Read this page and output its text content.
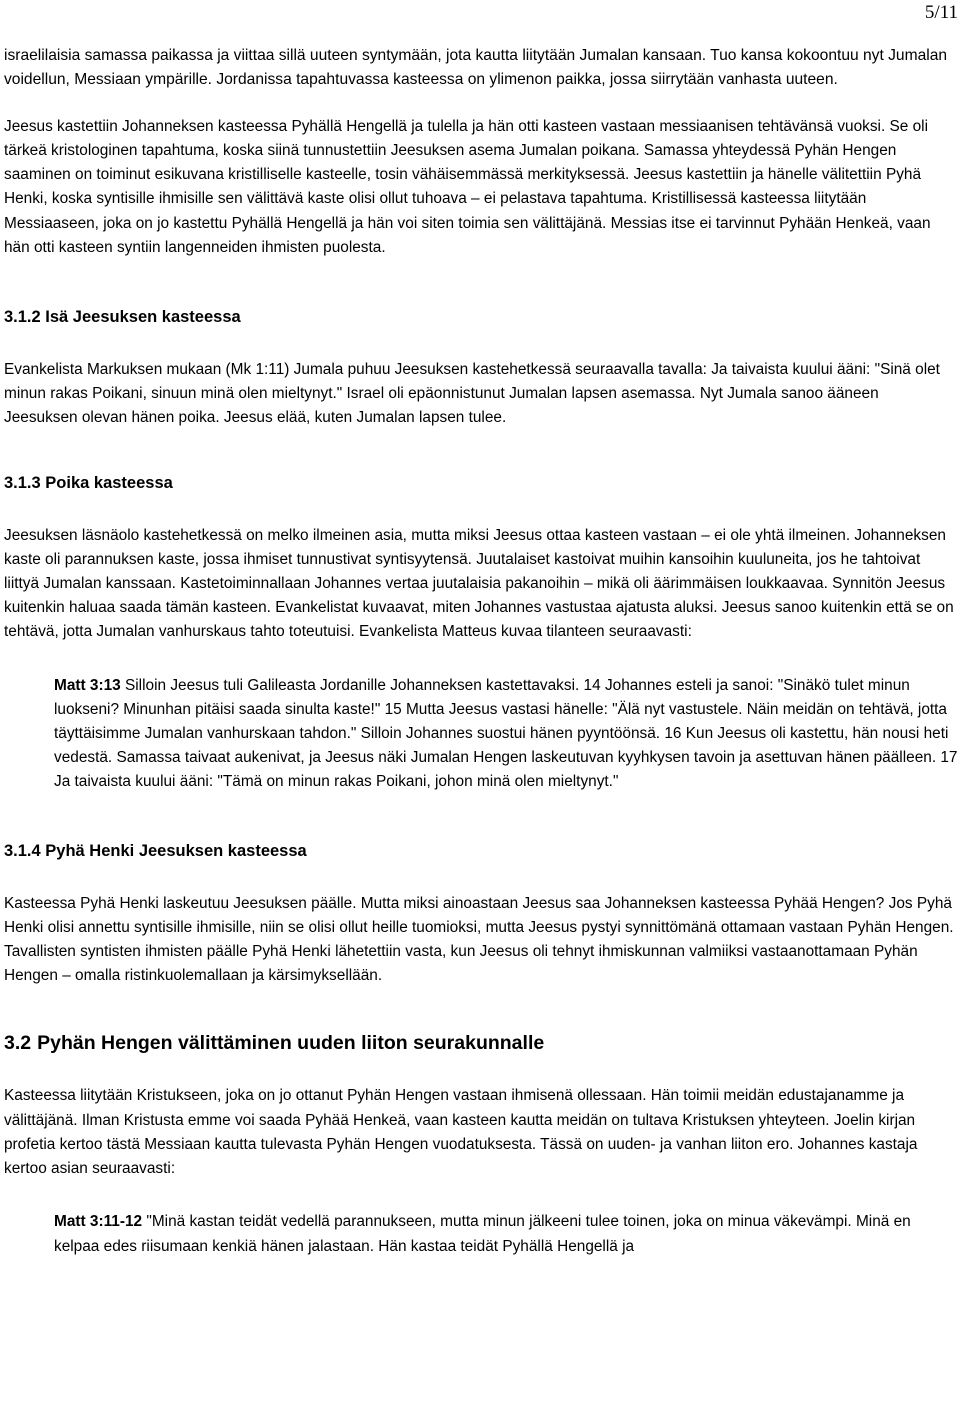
5/11

israelilaisia samassa paikassa ja viittaa sillä uuteen syntymään, jota kautta liitytään Jumalan kansaan. Tuo kansa kokoontuu nyt Jumalan voidellun, Messiaan ympärille. Jordanissa tapahtuvassa kasteessa on ylimenon paikka, jossa siirrytään vanhasta uuteen.

Jeesus kastettiin Johanneksen kasteessa Pyhällä Hengellä ja tulella ja hän otti kasteen vastaan messiaanisen tehtävänsä vuoksi. Se oli tärkeä kristologinen tapahtuma, koska siinä tunnustettiin Jeesuksen asema Jumalan poikana. Samassa yhteydessä Pyhän Hengen saaminen on toiminut esikuvana kristilliselle kasteelle, tosin vähäisemmässä merkityksessä. Jeesus kastettiin ja hänelle välitettiin Pyhä Henki, koska syntisille ihmisille sen välittävä kaste olisi ollut tuhoava – ei pelastava tapahtuma. Kristillisessä kasteessa liitytään Messiaaseen, joka on jo kastettu Pyhällä Hengellä ja hän voi siten toimia sen välittäjänä. Messias itse ei tarvinnut Pyhään Henkeä, vaan hän otti kasteen syntiin langenneiden ihmisten puolesta.

3.1.2 Isä Jeesuksen kasteessa

Evankelista Markuksen mukaan (Mk 1:11) Jumala puhuu Jeesuksen kastehetkessä seuraavalla tavalla: Ja taivaista kuului ääni: "Sinä olet minun rakas Poikani, sinuun minä olen mieltynyt." Israel oli epäonnistunut Jumalan lapsen asemassa. Nyt Jumala sanoo ääneen Jeesuksen olevan hänen poika. Jeesus elää, kuten Jumalan lapsen tulee.

3.1.3 Poika kasteessa

Jeesuksen läsnäolo kastehetkessä on melko ilmeinen asia, mutta miksi Jeesus ottaa kasteen vastaan – ei ole yhtä ilmeinen. Johanneksen kaste oli parannuksen kaste, jossa ihmiset tunnustivat syntisyytensä. Juutalaiset kastoivat muihin kansoihin kuuluneita, jos he tahtoivat liittyä Jumalan kanssaan. Kastetoiminnallaan Johannes vertaa juutalaisia pakanoihin – mikä oli äärimmäisen loukkaavaa. Synnitön Jeesus kuitenkin haluaa saada tämän kasteen. Evankelistat kuvaavat, miten Johannes vastustaa ajatusta aluksi. Jeesus sanoo kuitenkin että se on tehtävä, jotta Jumalan vanhurskaus tahto toteutuisi. Evankelista Matteus kuvaa tilanteen seuraavasti:

Matt 3:13 Silloin Jeesus tuli Galileasta Jordanille Johanneksen kastettavaksi. 14 Johannes esteli ja sanoi: "Sinäkö tulet minun luokseni? Minunhan pitäisi saada sinulta kaste!" 15 Mutta Jeesus vastasi hänelle: "Älä nyt vastustele. Näin meidän on tehtävä, jotta täyttäisimme Jumalan vanhurskaan tahdon." Silloin Johannes suostui hänen pyyntöönsä. 16 Kun Jeesus oli kastettu, hän nousi heti vedestä. Samassa taivaat aukenivat, ja Jeesus näki Jumalan Hengen laskeutuvan kyyhkysen tavoin ja asettuvan hänen päälleen. 17 Ja taivaista kuului ääni: "Tämä on minun rakas Poikani, johon minä olen mieltynyt."

3.1.4 Pyhä Henki Jeesuksen kasteessa

Kasteessa Pyhä Henki laskeutuu Jeesuksen päälle. Mutta miksi ainoastaan Jeesus saa Johanneksen kasteessa Pyhää Hengen? Jos Pyhä Henki olisi annettu syntisille ihmisille, niin se olisi ollut heille tuomioksi, mutta Jeesus pystyi synnittömänä ottamaan vastaan Pyhän Hengen. Tavallisten syntisten ihmisten päälle Pyhä Henki lähetettiin vasta, kun Jeesus oli tehnyt ihmiskunnan valmiiksi vastaanottamaan Pyhän Hengen – omalla ristinkuolemallaan ja kärsimyksellään.

3.2 Pyhän Hengen välittäminen uuden liiton seurakunnalle

Kasteessa liitytään Kristukseen, joka on jo ottanut Pyhän Hengen vastaan ihmisenä ollessaan. Hän toimii meidän edustajanamme ja välittäjänä. Ilman Kristusta emme voi saada Pyhää Henkeä, vaan kasteen kautta meidän on tultava Kristuksen yhteyteen. Joelin kirjan profetia kertoo tästä Messiaan kautta tulevasta Pyhän Hengen vuodatuksesta. Tässä on uuden- ja vanhan liiton ero. Johannes kastaja kertoo asian seuraavasti:

Matt 3:11-12 "Minä kastan teidät vedellä parannukseen, mutta minun jälkeeni tulee toinen, joka on minua väkevämpi. Minä en kelpaa edes riisumaan kenkiä hänen jalastaan. Hän kastaa teidät Pyhällä Hengellä ja
